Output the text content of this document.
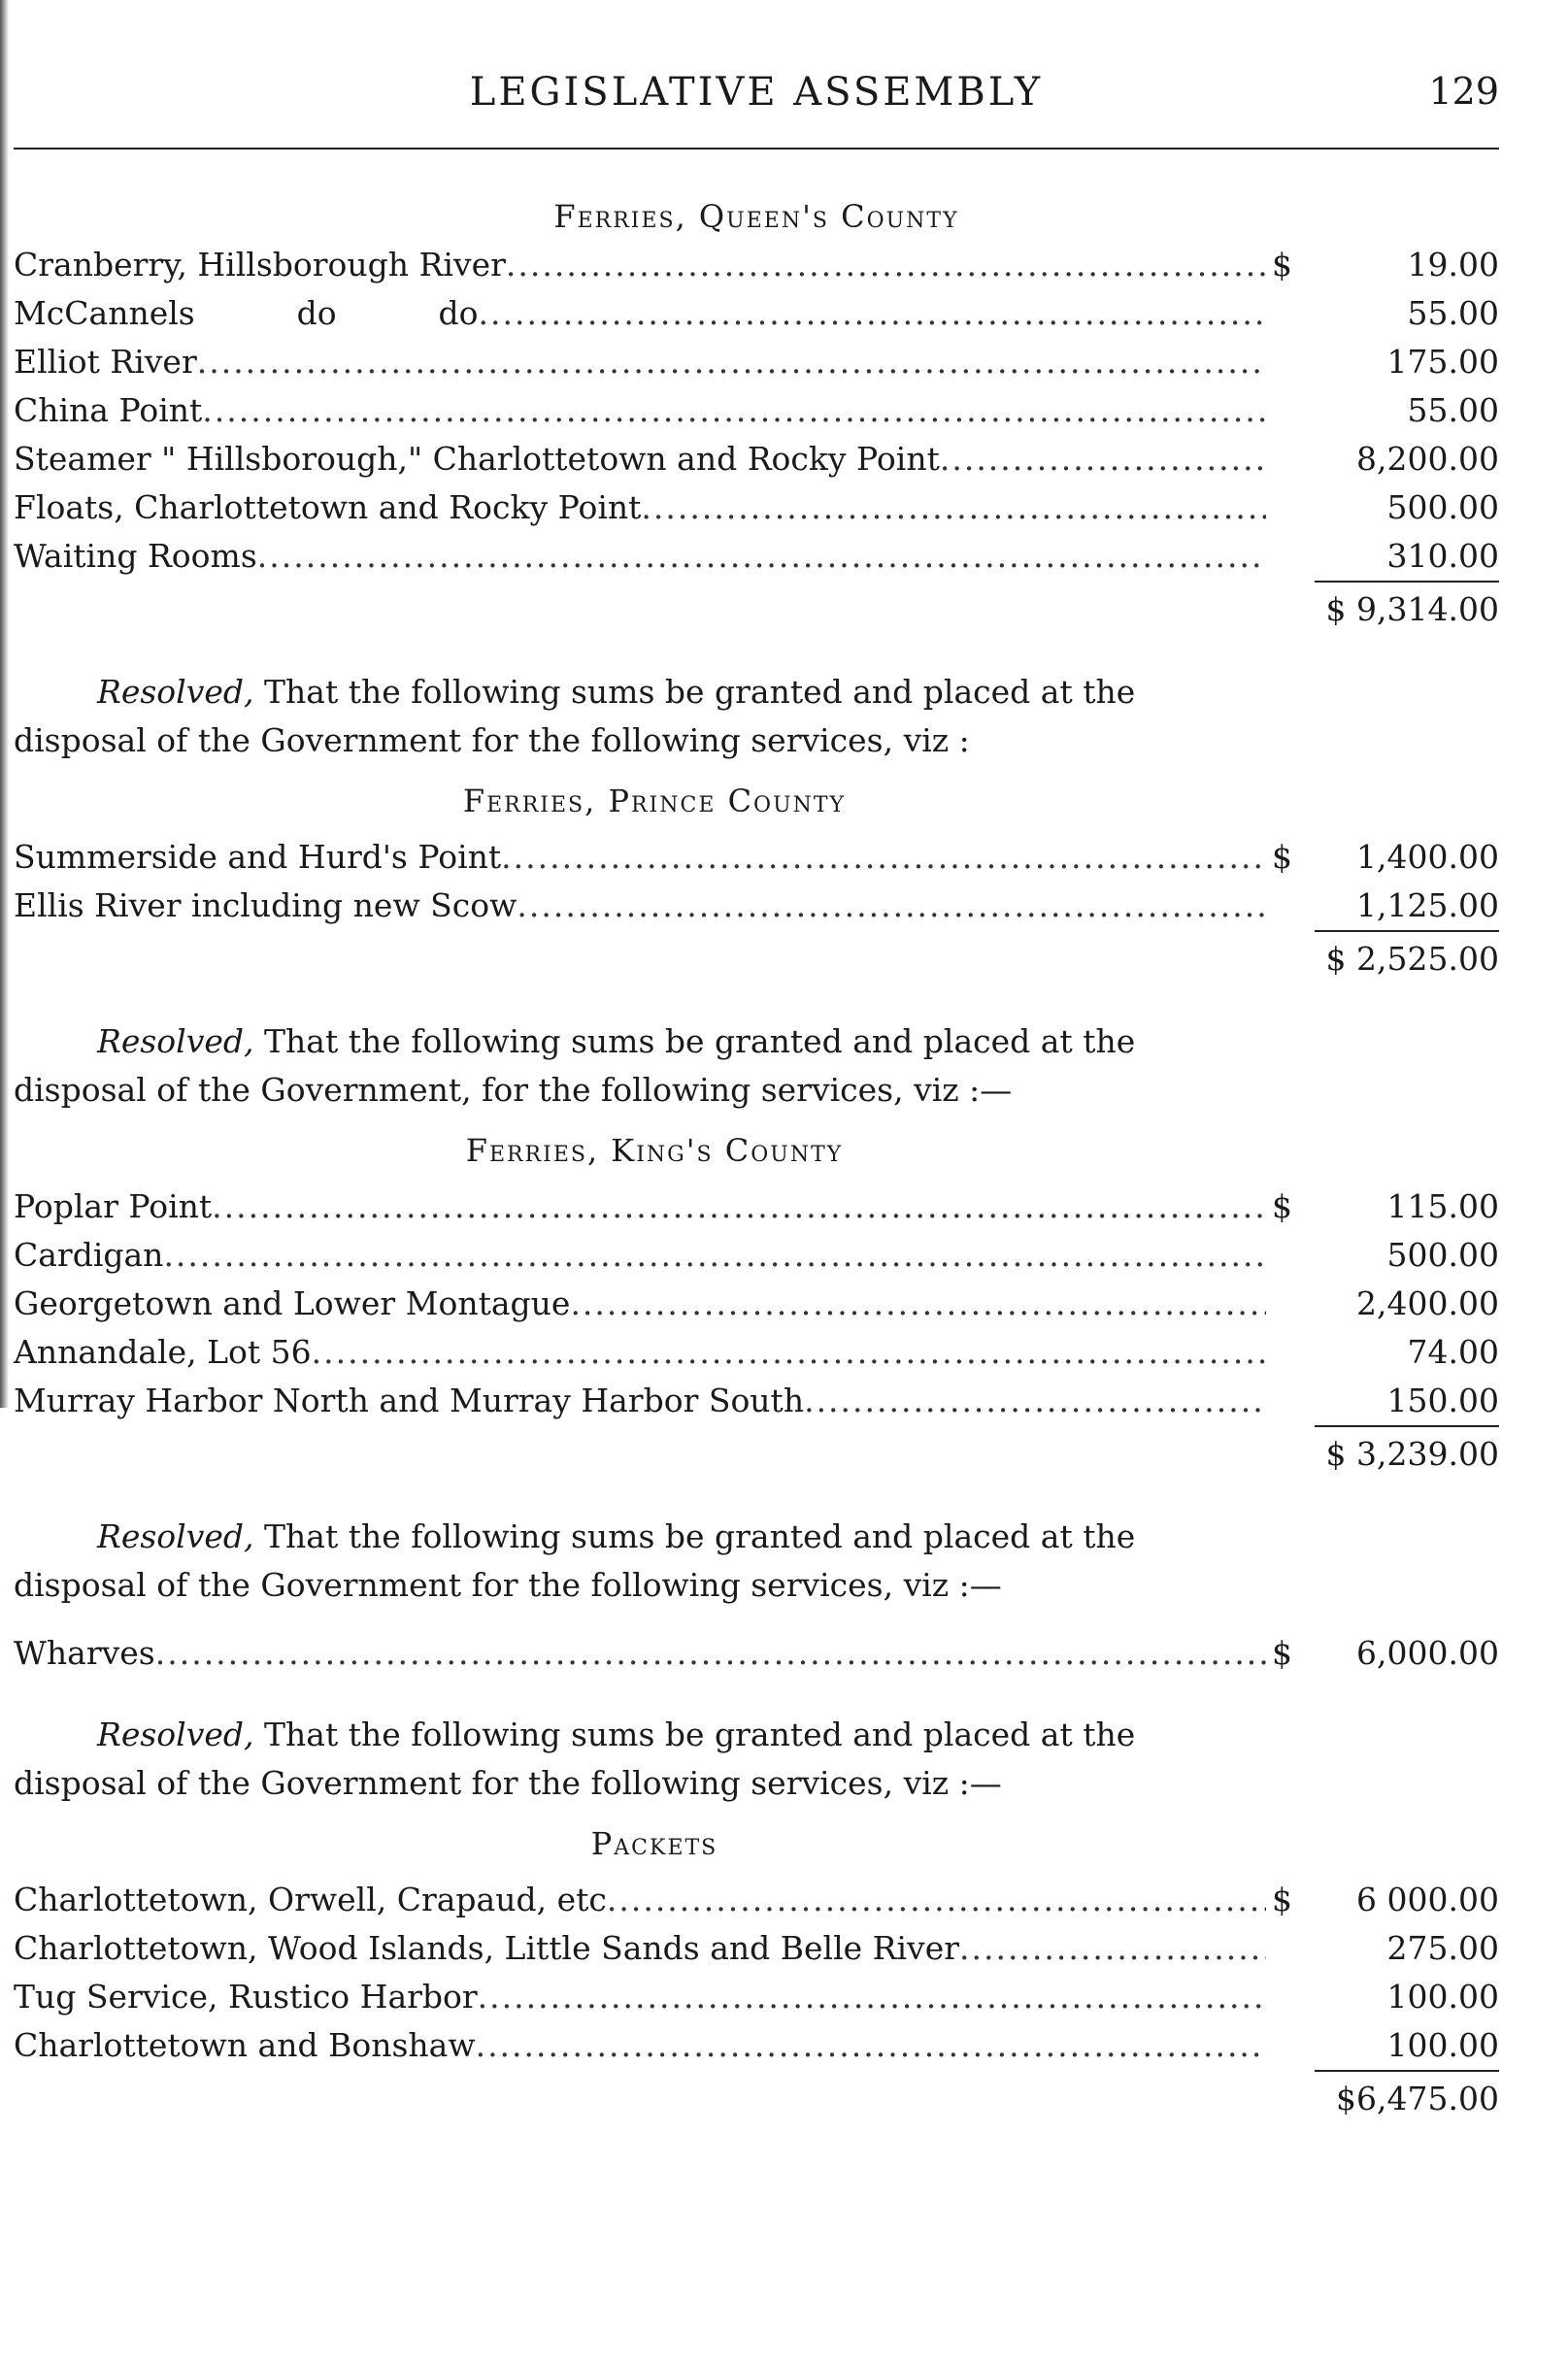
LEGISLATIVE ASSEMBLY	129
Ferries, Queen's County
Cranberry, Hillsborough River .....	$	19.00
McCannels          do          do .....	55.00
Elliot River .....	175.00
China Point .....	55.00
Steamer " Hillsborough," Charlottetown and Rocky Point .....	8,200.00
Floats, Charlottetown and Rocky Point .....	500.00
Waiting Rooms .....	310.00
$ 9,314.00
Resolved, That the following sums be granted and placed at the
disposal of the Government for the following services, viz :
Ferries, Prince County
Summerside and Hurd's Point .....	$	1,400.00
Ellis River including new Scow .....	1,125.00
$ 2,525.00
Resolved, That the following sums be granted and placed at the
disposal of the Government, for the following services, viz :—
Ferries, King's County
Poplar Point .....	$	115.00
Cardigan .....	500.00
Georgetown and Lower Montague .....	2,400.00
Annandale, Lot 56 .....	74.00
Murray Harbor North and Murray Harbor South .....	150.00
$ 3,239.00
Resolved, That the following sums be granted and placed at the
disposal of the Government for the following services, viz :—
Wharves .....	$	6,000.00
Resolved, That the following sums be granted and placed at the
disposal of the Government for the following services, viz :—
Packets
Charlottetown, Orwell, Crapaud, etc .....	$	6 000.00
Charlottetown, Wood Islands, Little Sands and Belle River .....	275.00
Tug Service, Rustico Harbor .....	100.00
Charlottetown and Bonshaw .....	100.00
$6,475.00
